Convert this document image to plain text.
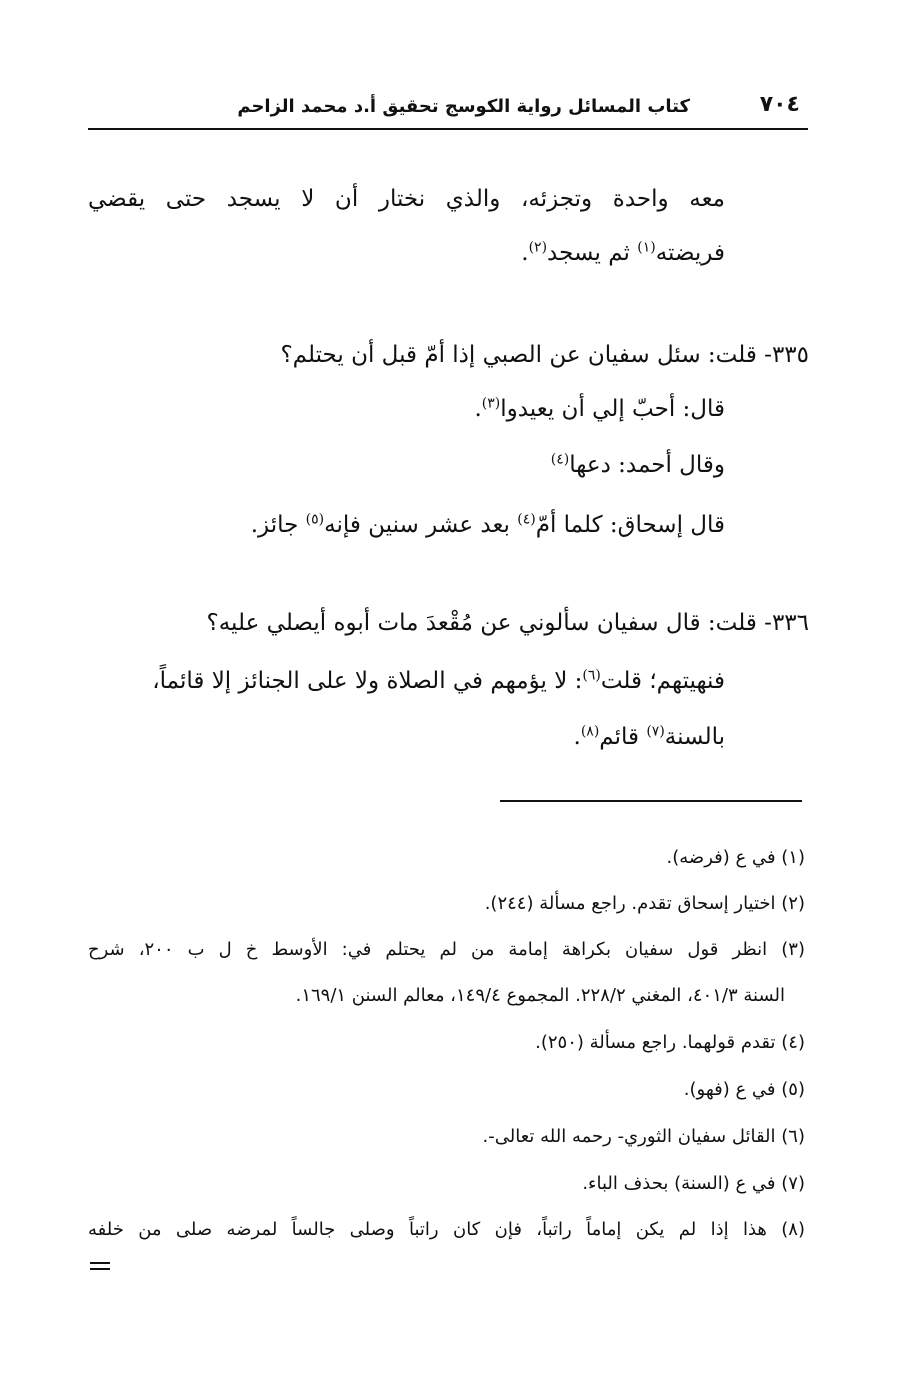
٧٠٤
كتاب المسائل رواية الكوسج تحقيق أ.د محمد الزاحم
معه واحدة وتجزئه، والذي نختار أن لا يسجد حتى يقضي
فريضته$^{(١)}$ ثم يسجد$^{(٢)}$.
٣٣٥- قلت: سئل سفيان عن الصبي إذا أمّ قبل أن يحتلم؟
قال: أحبّ إلي أن يعيدوا$^{(٣)}$.
وقال أحمد: دعها$^{(٤)}$
قال إسحاق: كلما أمّ$^{(٤)}$ بعد عشر سنين فإنه$^{(٥)}$ جائز.
٣٣٦- قلت: قال سفيان سألوني عن مُقْعدَ مات أبوه أيصلي عليه؟
فنهيتهم؛ قلت$^{(٦)}$: لا يؤمهم في الصلاة ولا على الجنائز إلا قائماً،
بالسنة$^{(٧)}$ قائم$^{(٨)}$.
(١) في ع (فرضه).
(٢) اختيار إسحاق تقدم. راجع مسألة (٢٤٤).
(٣) انظر قول سفيان بكراهة إمامة من لم يحتلم في: الأوسط خ ل ب ٢٠٠، شرح
السنة ٤٠١/٣، المغني ٢٢٨/٢. المجموع ١٤٩/٤، معالم السنن ١٦٩/١.
(٤) تقدم قولهما. راجع مسألة (٢٥٠).
(٥) في ع (فهو).
(٦) القائل سفيان الثوري- رحمه الله تعالى-.
(٧) في ع (السنة) بحذف الباء.
(٨) هذا إذا لم يكن إماماً راتباً، فإن كان راتباً وصلى جالساً لمرضه صلى من خلفه
